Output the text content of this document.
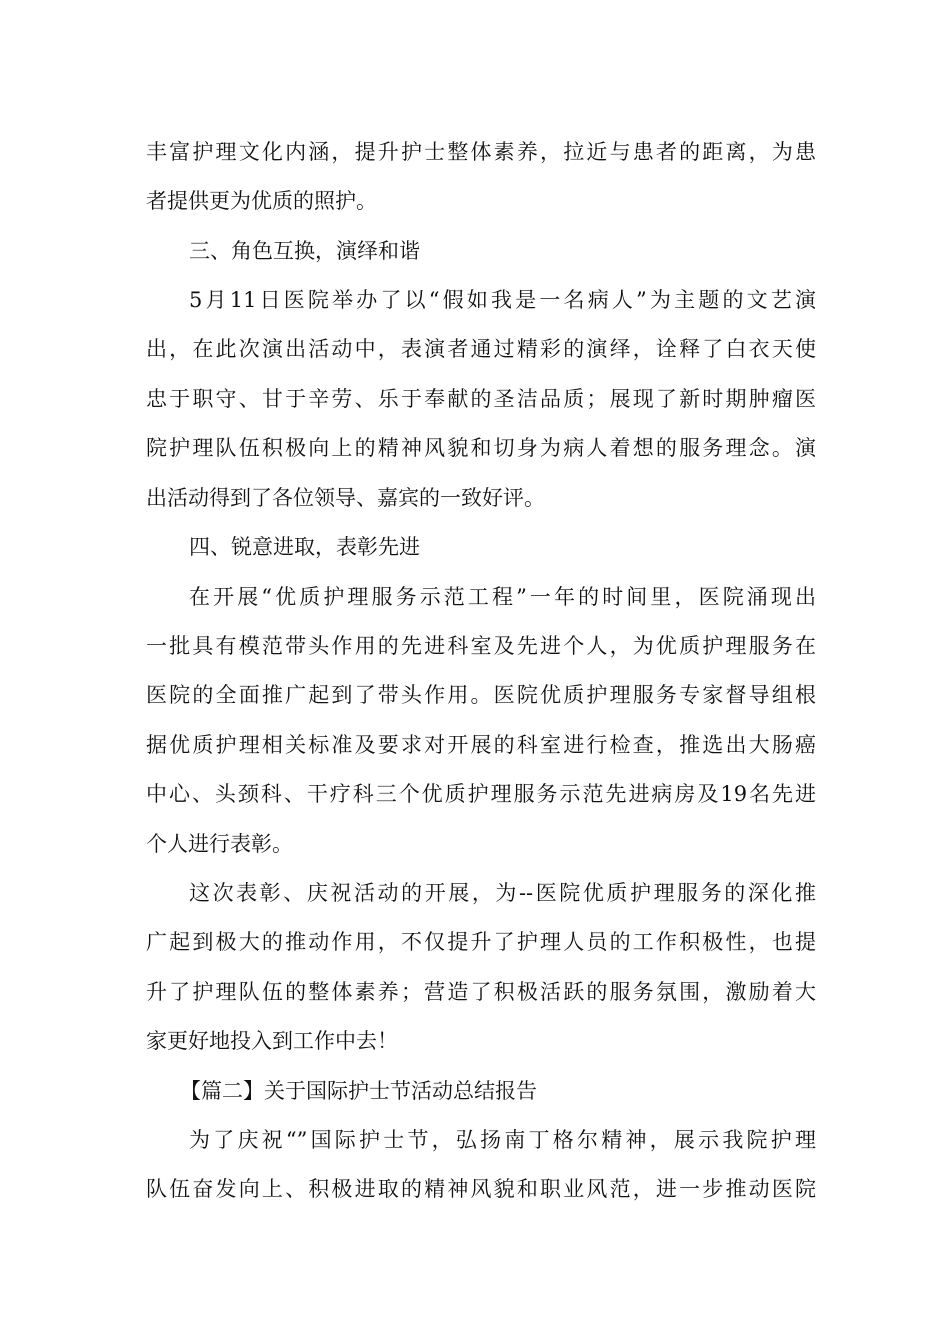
丰富护理文化内涵，提升护士整体素养，拉近与患者的距离，为患

者提供更为优质的照护。

三、角色互换，演绎和谐

5月11日医院举办了以“假如我是一名病人”为主题的文艺演

出，在此次演出活动中，表演者通过精彩的演绎，诠释了白衣天使

忠于职守、甘于辛劳、乐于奉献的圣洁品质；展现了新时期肿瘤医

院护理队伍积极向上的精神风貌和切身为病人着想的服务理念。演

出活动得到了各位领导、嘉宾的一致好评。

四、锐意进取，表彰先进

在开展“优质护理服务示范工程”一年的时间里，医院涌现出

一批具有模范带头作用的先进科室及先进个人，为优质护理服务在

医院的全面推广起到了带头作用。医院优质护理服务专家督导组根

据优质护理相关标准及要求对开展的科室进行检查，推选出大肠癌

中心、头颈科、干疗科三个优质护理服务示范先进病房及19名先进

个人进行表彰。

这次表彰、庆祝活动的开展，为--医院优质护理服务的深化推

广起到极大的推动作用，不仅提升了护理人员的工作积极性，也提

升了护理队伍的整体素养；营造了积极活跃的服务氛围，激励着大

家更好地投入到工作中去！

【篇二】关于国际护士节活动总结报告

为了庆祝“”国际护士节，弘扬南丁格尔精神，展示我院护理

队伍奋发向上、积极进取的精神风貌和职业风范，进一步推动医院
